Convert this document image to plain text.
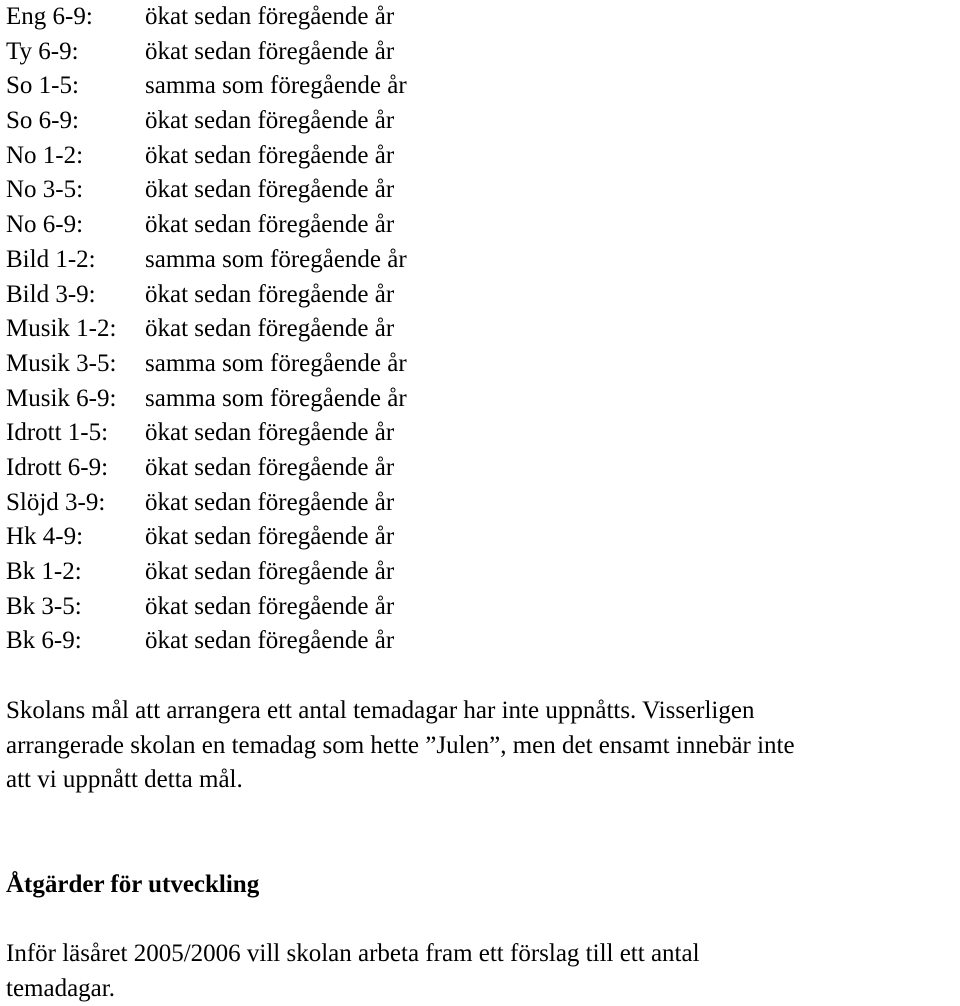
Eng 6-9:	ökat sedan föregående år
Ty 6-9:	ökat sedan föregående år
So 1-5:	samma som föregående år
So 6-9:	ökat sedan föregående år
No 1-2:	ökat sedan föregående år
No 3-5:	ökat sedan föregående år
No 6-9:	ökat sedan föregående år
Bild 1-2:	samma som föregående år
Bild 3-9:	ökat sedan föregående år
Musik 1-2:	ökat sedan föregående år
Musik 3-5:	samma som föregående år
Musik 6-9:	samma som föregående år
Idrott 1-5:	ökat sedan föregående år
Idrott 6-9:	ökat sedan föregående år
Slöjd 3-9:	ökat sedan föregående år
Hk 4-9:	ökat sedan föregående år
Bk 1-2:	ökat sedan föregående år
Bk 3-5:	ökat sedan föregående år
Bk 6-9:	ökat sedan föregående år
Skolans mål att arrangera ett antal temadagar har inte uppnåtts. Visserligen
arrangerade skolan en temadag som hette ”Julen”, men det ensamt innebär inte
att vi uppnått detta mål.
Åtgärder för utveckling
Inför läsåret 2005/2006 vill skolan arbeta fram ett förslag till ett antal
temadagar.
